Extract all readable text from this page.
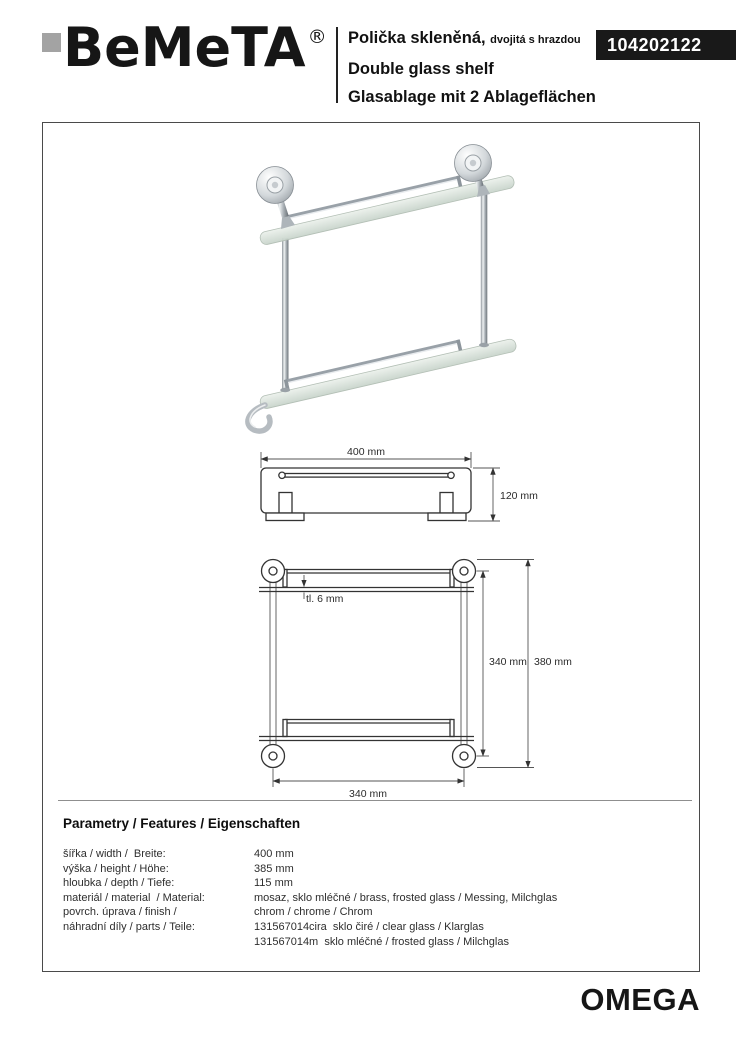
BeMeTA ® Polička skleněná, dvojitá s hrazdou
Double glass shelf
Glasablage mit 2 Ablageflächen
104202122
400 mm
120 mm
tl. 6 mm
340 mm 380 mm
340 mm
Parametry / Features / Eigenschaften
šířka / width /  Breite:	400 mm
výška / height / Höhe:	385 mm
hloubka / depth / Tiefe:	115 mm
materiál / material  / Material:	mosaz, sklo mléčné / brass, frosted glass / Messing, Milchglas
povrch. úprava / finish /	chrom / chrome / Chrom
náhradní díly / parts / Teile:	131567014cira  sklo čiré / clear glass / Klarglas
131567014m  sklo mléčné / frosted glass / Milchglas
OMEGA
